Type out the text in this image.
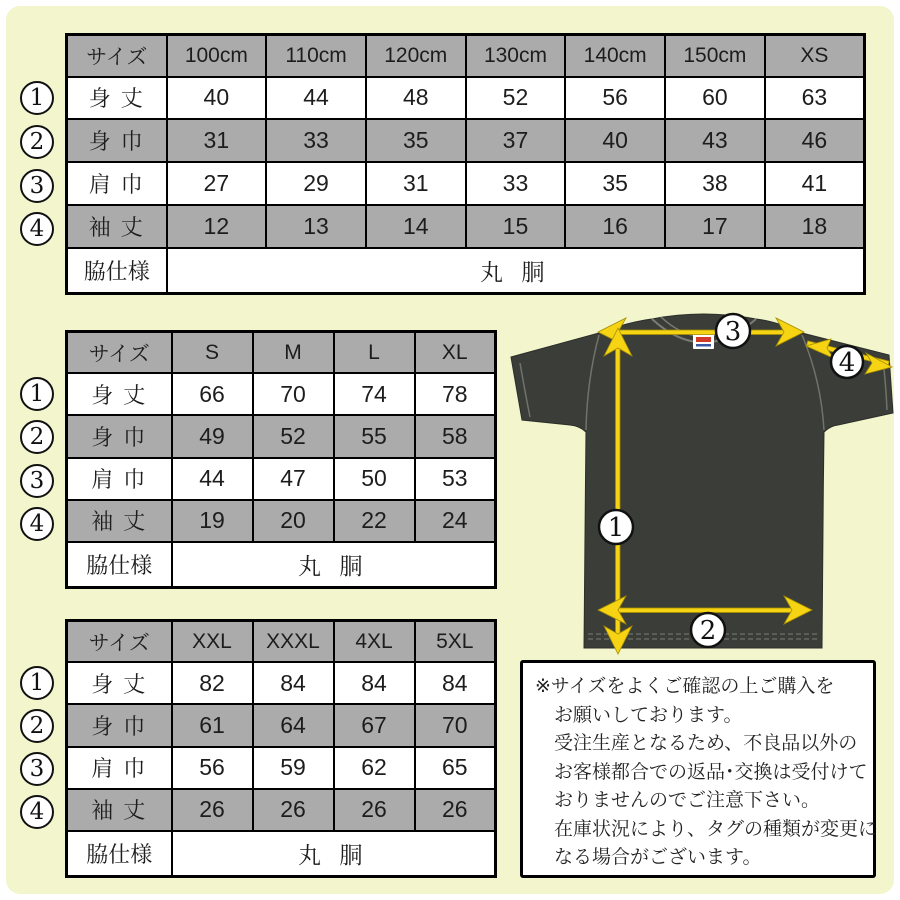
サイズ	100cm	110cm	120cm	130cm	140cm	150cm	XS
身 丈	40	44	48	52	56	60	63
身 巾	31	33	35	37	40	43	46
肩 巾	27	29	31	33	35	38	41
袖 丈	12	13	14	15	16	17	18
脇仕様	丸 胴						
1
2
3
4
サイズ	S	M	L	XL
身 丈	66	70	74	78
身 巾	49	52	55	58
肩 巾	44	47	50	53
袖 丈	19	20	22	24
脇仕様	丸 胴			
1
2
3
4
サイズ	XXL	XXXL	4XL	5XL
身 丈	82	84	84	84
身 巾	61	64	67	70
肩 巾	56	59	62	65
袖 丈	26	26	26	26
脇仕様	丸 胴			
1
2
3
4
1
2
3
4
※サイズをよくご確認の上ご購入を
お願いしております。
受注生産となるため、不良品以外の
お客様都合での返品･交換は受付けて
おりませんのでご注意下さい。
在庫状況により、タグの種類が変更に
なる場合がございます。
